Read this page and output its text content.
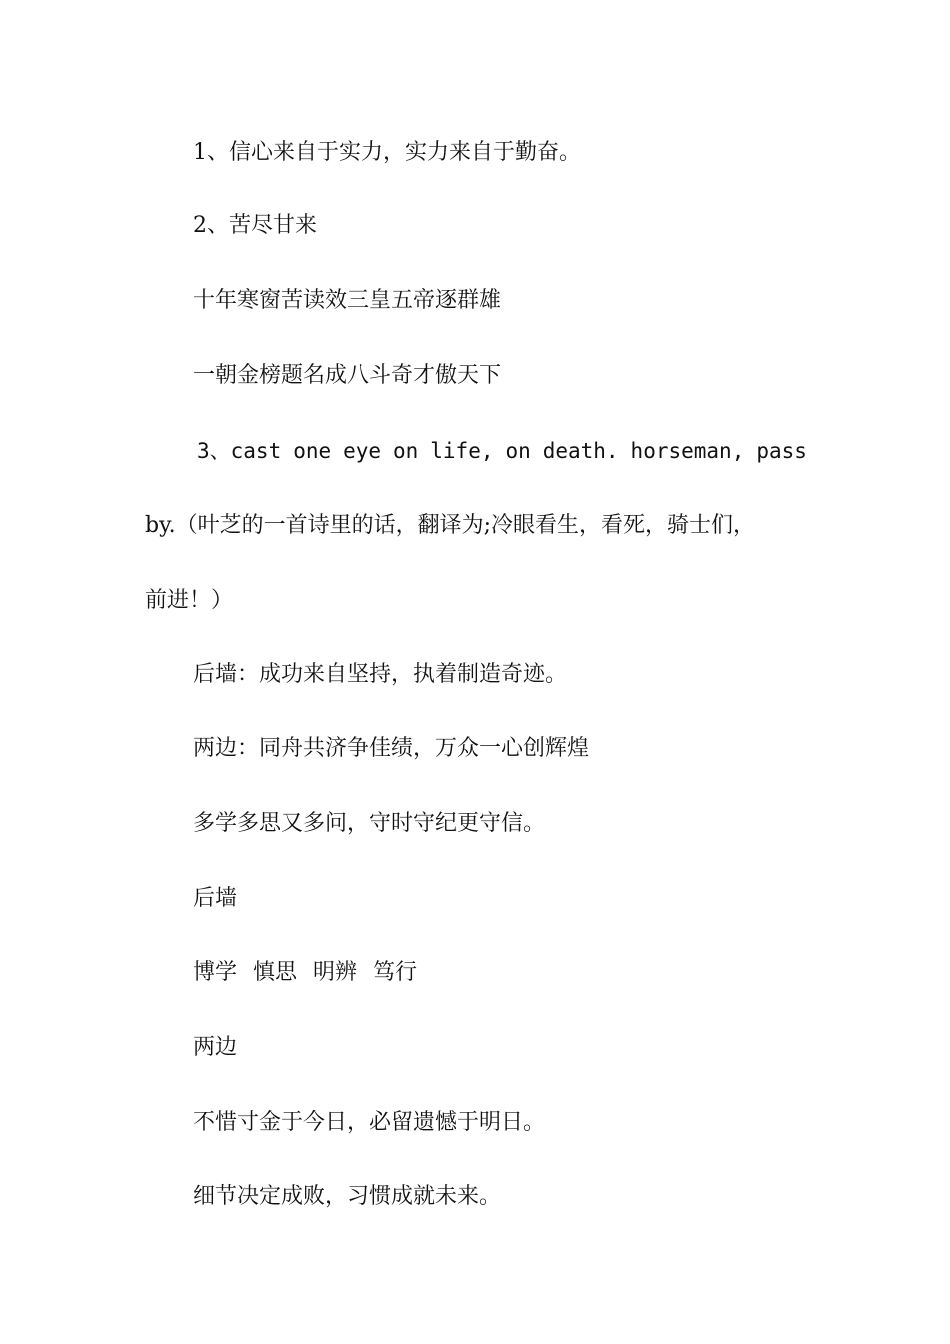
1、信心来自于实力，实力来自于勤奋。

2、苦尽甘来

十年寒窗苦读效三皇五帝逐群雄

一朝金榜题名成八斗奇才傲天下

3、cast one eye on life, on death. horseman, pass

by.（叶芝的一首诗里的话，翻译为;冷眼看生，看死，骑士们，

前进！）

后墙：成功来自坚持，执着制造奇迹。

两边：同舟共济争佳绩，万众一心创辉煌

多学多思又多问，守时守纪更守信。

后墙

博学 慎思 明辨 笃行

两边

不惜寸金于今日，必留遗憾于明日。

细节决定成败，习惯成就未来。
